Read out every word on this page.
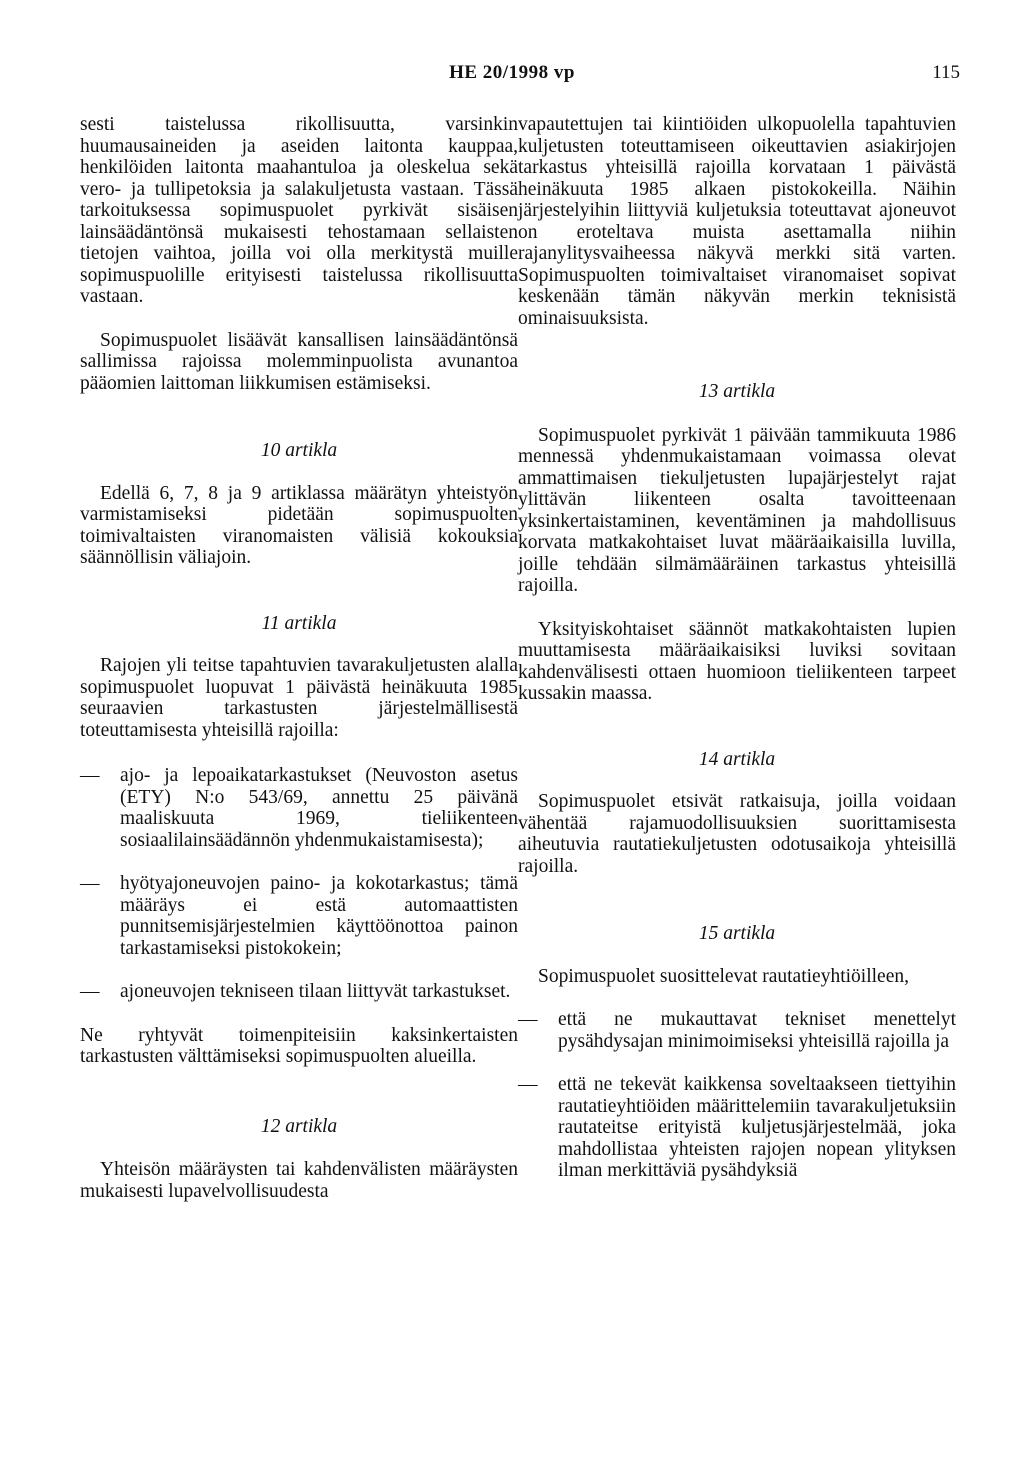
HE 20/1998 vp	115

sesti taistelussa rikollisuutta, varsinkin huumausaineiden ja aseiden laitonta kauppaa, henkilöiden laitonta maahantuloa ja oleskelua sekä vero- ja tullipetoksia ja salakuljetusta vastaan. Tässä tarkoituksessa sopimuspuolet pyrkivät sisäisen lainsäädäntönsä mukaisesti tehostamaan sellaisten tietojen vaihtoa, joilla voi olla merkitystä muille sopimuspuolille erityisesti taistelussa rikollisuutta vastaan.

Sopimuspuolet lisäävät kansallisen lainsäädäntönsä sallimissa rajoissa molemminpuolista avunantoa pääomien laittoman liikkumisen estämiseksi.

10 artikla

Edellä 6, 7, 8 ja 9 artiklassa määrätyn yhteistyön varmistamiseksi pidetään sopimuspuolten toimivaltaisten viranomaisten välisiä kokouksia säännöllisin väliajoin.

11 artikla

Rajojen yli teitse tapahtuvien tavarakuljetusten alalla sopimuspuolet luopuvat 1 päivästä heinäkuuta 1985 seuraavien tarkastusten järjestelmällisestä toteuttamisesta yhteisillä rajoilla:

— ajo- ja lepoaikatarkastukset (Neuvoston asetus (ETY) N:o 543/69, annettu 25 päivänä maaliskuuta 1969, tieliikenteen sosiaalilainsäädännön yhdenmukaistamisesta);
— hyötyajoneuvojen paino- ja kokotarkastus; tämä määräys ei estä automaattisten punnitsemisjärjestelmien käyttöönottoa painon tarkastamiseksi pistokokein;
— ajoneuvojen tekniseen tilaan liittyvät tarkastukset.

Ne ryhtyvät toimenpiteisiin kaksinkertaisten tarkastusten välttämiseksi sopimuspuolten alueilla.

12 artikla

Yhteisön määräysten tai kahdenvälisten määräysten mukaisesti lupavelvollisuudesta

vapautettujen tai kiintiöiden ulkopuolella tapahtuvien kuljetusten toteuttamiseen oikeuttavien asiakirjojen tarkastus yhteisillä rajoilla korvataan 1 päivästä heinäkuuta 1985 alkaen pistokokeilla. Näihin järjestelyihin liittyviä kuljetuksia toteuttavat ajoneuvot on eroteltava muista asettamalla niihin rajanylitysvaiheessa näkyvä merkki sitä varten. Sopimuspuolten toimivaltaiset viranomaiset sopivat keskenään tämän näkyvän merkin teknisistä ominaisuuksista.

13 artikla

Sopimuspuolet pyrkivät 1 päivään tammikuuta 1986 mennessä yhdenmukaistamaan voimassa olevat ammattimaisen tiekuljetusten lupajärjestelyt rajat ylittävän liikenteen osalta tavoitteenaan yksinkertaistaminen, keventäminen ja mahdollisuus korvata matkakohtaiset luvat määräaikaisilla luvilla, joille tehdään silmämääräinen tarkastus yhteisillä rajoilla.

Yksityiskohtaiset säännöt matkakohtaisten lupien muuttamisesta määräaikaisiksi luviksi sovitaan kahdenvälisesti ottaen huomioon tieliikenteen tarpeet kussakin maassa.

14 artikla

Sopimuspuolet etsivät ratkaisuja, joilla voidaan vähentää rajamuodollisuuksien suorittamisesta aiheutuvia rautatiekuljetusten odotusaikoja yhteisillä rajoilla.

15 artikla

Sopimuspuolet suosittelevat rautatieyhtiöilleen,

— että ne mukauttavat tekniset menettelyt pysähdysajan minimoimiseksi yhteisillä rajoilla ja
— että ne tekevät kaikkensa soveltaakseen tiettyihin rautatieyhtiöiden määrittelemiin tavarakuljetuksiin rautateitse erityistä kuljetusjärjestelmää, joka mahdollistaa yhteisten rajojen nopean ylityksen ilman merkittäviä pysähdyksiä
